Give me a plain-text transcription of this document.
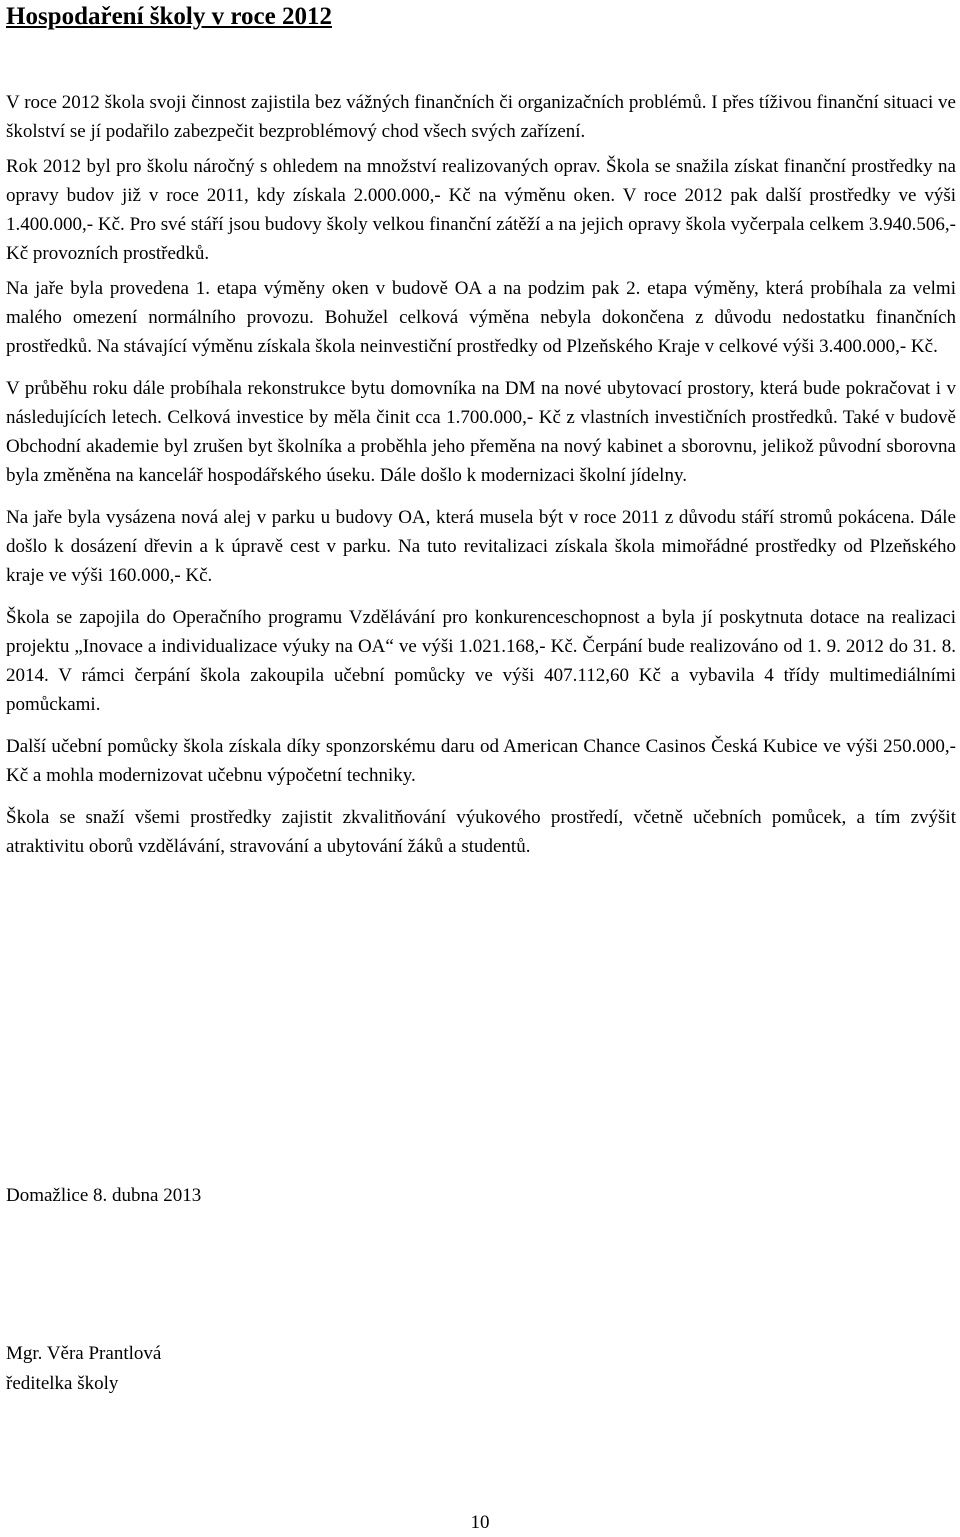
Hospodaření školy v roce 2012

V roce 2012 škola svoji činnost zajistila bez vážných finančních či organizačních problémů. I přes tíživou finanční situaci ve školství se jí podařilo zabezpečit bezproblémový chod všech svých zařízení.

Rok 2012 byl pro školu náročný s ohledem na množství realizovaných oprav. Škola se snažila získat finanční prostředky na opravy budov již v roce 2011, kdy získala 2.000.000,- Kč na výměnu oken. V roce 2012 pak další prostředky ve výši 1.400.000,- Kč. Pro své stáří jsou budovy školy velkou finanční zátěží a na jejich opravy škola vyčerpala celkem 3.940.506,- Kč provozních prostředků.

Na jaře byla provedena 1. etapa výměny oken v budově OA a na podzim pak 2. etapa výměny, která probíhala za velmi malého omezení normálního provozu. Bohužel celková výměna nebyla dokončena z důvodu nedostatku finančních prostředků. Na stávající výměnu získala škola neinvestiční prostředky od Plzeňského Kraje v celkové výši 3.400.000,- Kč.

V průběhu roku dále probíhala rekonstrukce bytu domovníka na DM na nové ubytovací prostory, která bude pokračovat i v následujících letech. Celková investice by měla činit cca 1.700.000,- Kč z vlastních investičních prostředků. Také v budově Obchodní akademie byl zrušen byt školníka a proběhla jeho přeměna na nový kabinet a sborovnu, jelikož původní sborovna byla změněna na kancelář hospodářského úseku. Dále došlo k modernizaci školní jídelny.

Na jaře byla vysázena nová alej v parku u budovy OA, která musela být v roce 2011 z důvodu stáří stromů pokácena. Dále došlo k dosázení dřevin a k úpravě cest v parku. Na tuto revitalizaci získala škola mimořádné prostředky od Plzeňského kraje ve výši 160.000,- Kč.

Škola se zapojila do Operačního programu Vzdělávání pro konkurenceschopnost a byla jí poskytnuta dotace na realizaci projektu „Inovace a individualizace výuky na OA“ ve výši 1.021.168,- Kč. Čerpání bude realizováno od 1. 9. 2012 do 31. 8. 2014. V rámci čerpání škola zakoupila učební pomůcky ve výši 407.112,60 Kč a vybavila 4 třídy multimediálními pomůckami.

Další učební pomůcky škola získala díky sponzorskému daru od American Chance Casinos Česká Kubice ve výši 250.000,- Kč a mohla modernizovat učebnu výpočetní techniky.

Škola se snaží všemi prostředky zajistit zkvalitňování výukového prostředí, včetně učebních pomůcek, a tím zvýšit atraktivitu oborů vzdělávání, stravování a ubytování žáků a studentů.

Domažlice 8. dubna 2013

Mgr. Věra Prantlová

ředitelka školy

10
